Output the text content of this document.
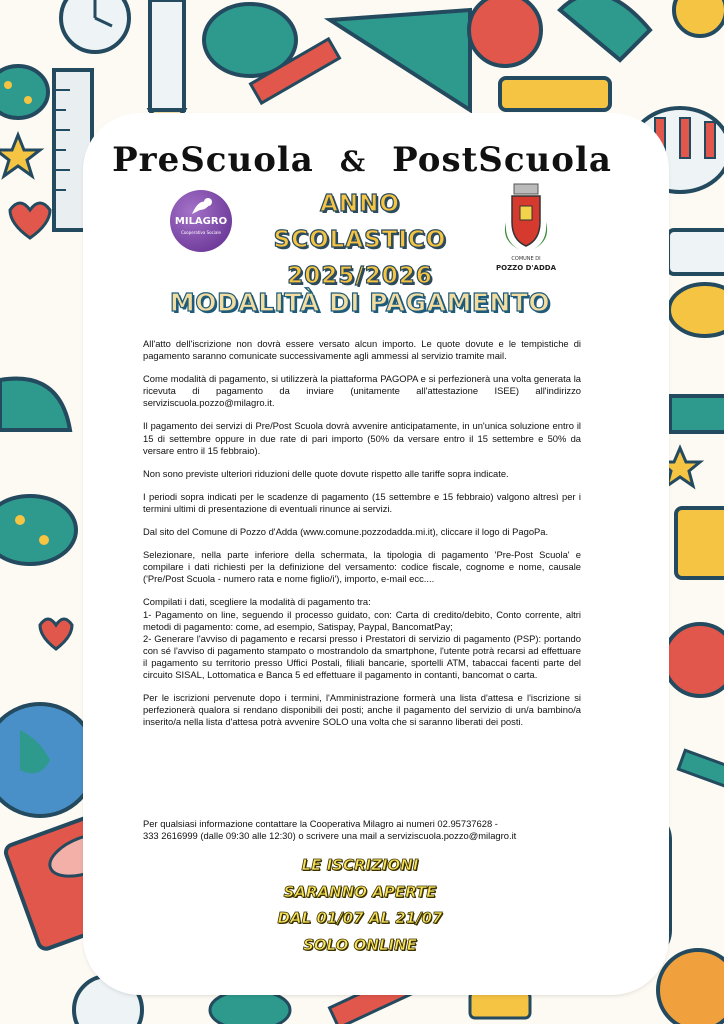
PreScuola & PostScuola
MILAGRO
Cooperativa Sociale
ANNO SCOLASTICO
2025/2026
COMUNE DI
POZZO D'ADDA
MODALITÀ DI PAGAMENTO

All'atto dell'iscrizione non dovrà essere versato alcun importo. Le quote dovute e le tempistiche di pagamento saranno comunicate successivamente agli ammessi al servizio tramite mail.

Come modalità di pagamento, si utilizzerà la piattaforma PAGOPA e si perfezionerà una volta generata la ricevuta di pagamento da inviare (unitamente all'attestazione ISEE) all'indirizzo serviziscuola.pozzo@milagro.it.

Il pagamento dei servizi di Pre/Post Scuola dovrà avvenire anticipatamente, in un'unica soluzione entro il 15 di settembre oppure in due rate di pari importo (50% da versare entro il 15 settembre e 50% da versare entro il 15 febbraio).

Non sono previste ulteriori riduzioni delle quote dovute rispetto alle tariffe sopra indicate.

I periodi sopra indicati per le scadenze di pagamento (15 settembre e 15 febbraio) valgono altresì per i termini ultimi di presentazione di eventuali rinunce ai servizi.

Dal sito del Comune di Pozzo d'Adda (www.comune.pozzodadda.mi.it), cliccare il logo di PagoPa.

Selezionare, nella parte inferiore della schermata, la tipologia di pagamento 'Pre-Post Scuola' e compilare i dati richiesti per la definizione del versamento: codice fiscale, cognome e nome, causale ('Pre/Post Scuola - numero rata e nome figlio/i'), importo, e-mail ecc....

Compilati i dati, scegliere la modalità di pagamento tra:
1- Pagamento on line, seguendo il processo guidato, con: Carta di credito/debito, Conto corrente, altri metodi di pagamento: come, ad esempio, Satispay, Paypal, BancomatPay;
2- Generare l'avviso di pagamento e recarsi presso i Prestatori di servizio di pagamento (PSP): portando con sé l'avviso di pagamento stampato o mostrandolo da smartphone, l'utente potrà recarsi ad effettuare il pagamento su territorio presso Uffici Postali, filiali bancarie, sportelli ATM, tabaccai facenti parte del circuito SISAL, Lottomatica e Banca 5 ed effettuare il pagamento in contanti, bancomat o carta.

Per le iscrizioni pervenute dopo i termini, l'Amministrazione formerà una lista d'attesa e l'iscrizione si perfezionerà qualora si rendano disponibili dei posti; anche il pagamento del servizio di un/a bambino/a inserito/a nella lista d'attesa potrà avvenire SOLO una volta che si saranno liberati dei posti.

Per qualsiasi informazione contattare la Cooperativa Milagro ai numeri 02.95737628 -
333 2616999 (dalle 09:30 alle 12:30) o scrivere una mail a serviziscuola.pozzo@milagro.it
LE ISCRIZIONI
SARANNO APERTE
DAL 01/07 AL 21/07
SOLO ONLINE
